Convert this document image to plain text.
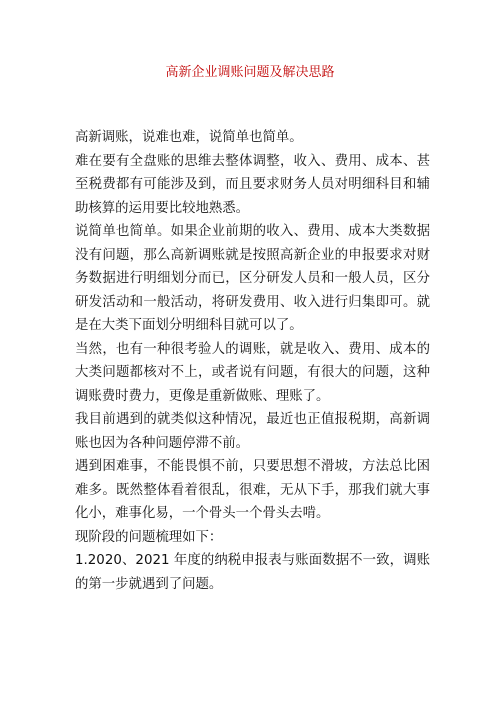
高新企业调账问题及解决思路

高新调账，说难也难，说简单也简单。

难在要有全盘账的思维去整体调整，收入、费用、成本、甚至税费都有可能涉及到，而且要求财务人员对明细科目和辅助核算的运用要比较地熟悉。

说简单也简单。如果企业前期的收入、费用、成本大类数据没有问题，那么高新调账就是按照高新企业的申报要求对财务数据进行明细划分而已，区分研发人员和一般人员，区分研发活动和一般活动，将研发费用、收入进行归集即可。就是在大类下面划分明细科目就可以了。

当然，也有一种很考验人的调账，就是收入、费用、成本的大类问题都核对不上，或者说有问题，有很大的问题，这种调账费时费力，更像是重新做账、理账了。

我目前遇到的就类似这种情况，最近也正值报税期，高新调账也因为各种问题停滞不前。

遇到困难事，不能畏惧不前，只要思想不滑坡，方法总比困难多。既然整体看着很乱，很难，无从下手，那我们就大事化小，难事化易，一个骨头一个骨头去啃。

现阶段的问题梳理如下：

1.2020、2021 年度的纳税申报表与账面数据不一致，调账的第一步就遇到了问题。
